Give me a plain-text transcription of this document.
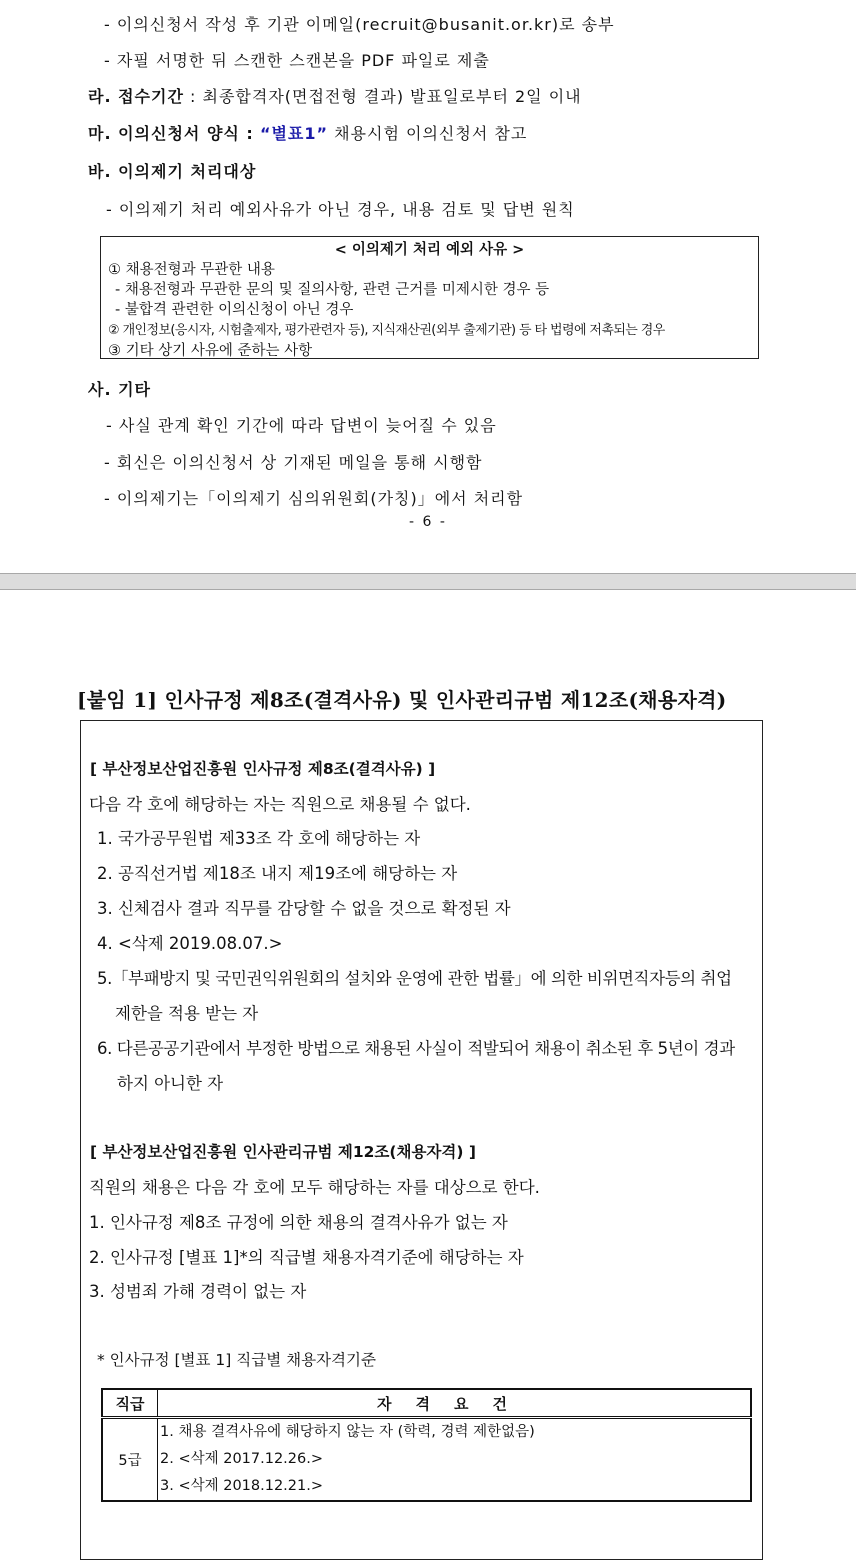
- 이의신청서 작성 후 기관 이메일(recruit@busanit.or.kr)로 송부
- 자필 서명한 뒤 스캔한 스캔본을 PDF 파일로 제출
라. 접수기간 : 최종합격자(면접전형 결과) 발표일로부터 2일 이내
마. 이의신청서 양식 : “별표1” 채용시험 이의신청서 참고
바. 이의제기 처리대상
- 이의제기 처리 예외사유가 아닌 경우, 내용 검토 및 답변 원칙
< 이의제기 처리 예외 사유 >
① 채용전형과 무관한 내용
- 채용전형과 무관한 문의 및 질의사항, 관련 근거를 미제시한 경우 등
- 불합격 관련한 이의신청이 아닌 경우
② 개인정보(응시자, 시험출제자, 평가관련자 등), 지식재산권(외부 출제기관) 등 타 법령에 저촉되는 경우
③ 기타 상기 사유에 준하는 사항
사. 기타
- 사실 관계 확인 기간에 따라 답변이 늦어질 수 있음
- 회신은 이의신청서 상 기재된 메일을 통해 시행함
- 이의제기는「이의제기 심의위원회(가칭)」에서 처리함
- 6 -
[붙임 1] 인사규정 제8조(결격사유) 및 인사관리규범 제12조(채용자격)
[ 부산정보산업진흥원 인사규정 제8조(결격사유) ]
다음 각 호에 해당하는 자는 직원으로 채용될 수 없다.
1. 국가공무원법 제33조 각 호에 해당하는 자
2. 공직선거법 제18조 내지 제19조에 해당하는 자
3. 신체검사 결과 직무를 감당할 수 없을 것으로 확정된 자
4. <삭제 2019.08.07.>
5.「부패방지 및 국민권익위원회의 설치와 운영에 관한 법률」에 의한 비위면직자등의 취업
제한을 적용 받는 자
6. 다른공공기관에서 부정한 방법으로 채용된 사실이 적발되어 채용이 취소된 후 5년이 경과
하지 아니한 자
[ 부산정보산업진흥원 인사관리규범 제12조(채용자격) ]
직원의 채용은 다음 각 호에 모두 해당하는 자를 대상으로 한다.
1. 인사규정 제8조 규정에 의한 채용의 결격사유가 없는 자
2. 인사규정 [별표 1]*의 직급별 채용자격기준에 해당하는 자
3. 성범죄 가해 경력이 없는 자
* 인사규정 [별표 1] 직급별 채용자격기준
직급	자격요건
5급	1. 채용 결격사유에 해당하지 않는 자 (학력, 경력 제한없음)
2. <삭제 2017.12.26.>
3. <삭제 2018.12.21.>
